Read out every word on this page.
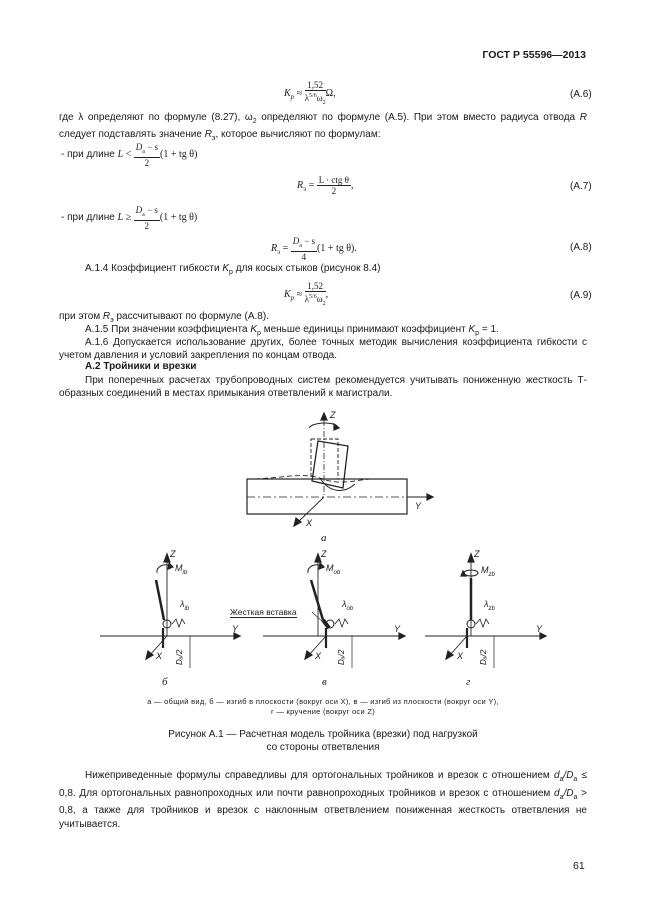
ГОСТ Р 55596—2013
$K_p \approx \frac{1,52}{\lambda^{5/6}\omega_2} \Omega$,	(А.6)
где λ определяют по формуле (8.27), $\omega_2$ определяют по формуле (А.5). При этом вместо радиуса отвода R следует подставлять значение $R_э$, которое вычисляют по формулам:
- при длине $L < \frac{D_a - s}{2} (1$ + tg θ)
$R_э = \frac{\text{L · ctg θ}}{2}$ ,	(А.7)
- при длине $L \ge \frac{D_a - s}{2} (1$ + tg θ)
$R_э = \frac{D_a - s}{4} (1$ + tg θ).	(А.8)
А.1.4 Коэффициент гибкости $K_p$ для косых стыков (рисунок 8.4)
$K_p \approx \frac{1,52}{\lambda^{5/6}\omega_2}$ ,	(А.9)
при этом $R_э$ рассчитывают по формуле (А.8).
А.1.5 При значении коэффициента $K_p$ меньше единицы принимают коэффициент $K_p = 1$.
А.1.6 Допускается использование других, более точных методик вычисления коэффициента гибкости с учетом давления и условий закрепления по концам отвода.
А.2 Тройники и врезки
При поперечных расчетах трубопроводных систем рекомендуется учитывать пониженную жесткость Т-образных соединений в местах примыкания ответвлений к магистрали.
Z
Y
X
а
Z
$M_{ib}$
$\lambda_{ib}$
Y
X Dₐ/2
б
Z
$M_{ob}$
$\lambda_{ob}$
Жесткая вставка
Y
X Dₐ/2
в
Z
$M_{zb}$
$\lambda_{zb}$
Y
X Dₐ/2
г
а — общий вид, б — изгиб в плоскости (вокруг оси X), в — изгиб из плоскости (вокруг оси Y),
г — кручение (вокруг оси Z)
Рисунок А.1 — Расчетная модель тройника (врезки) под нагрузкой
со стороны ответвления
Нижеприведенные формулы справедливы для ортогональных тройников и врезок с отношением $d_a/D_a \le 0,8$. Для ортогональных равнопроходных или почти равнопроходных тройников и врезок с отношением $d_a/D_a > 0,8$, а также для тройников и врезок с наклонным ответвлением пониженная жесткость ответвления не учитывается.
61
